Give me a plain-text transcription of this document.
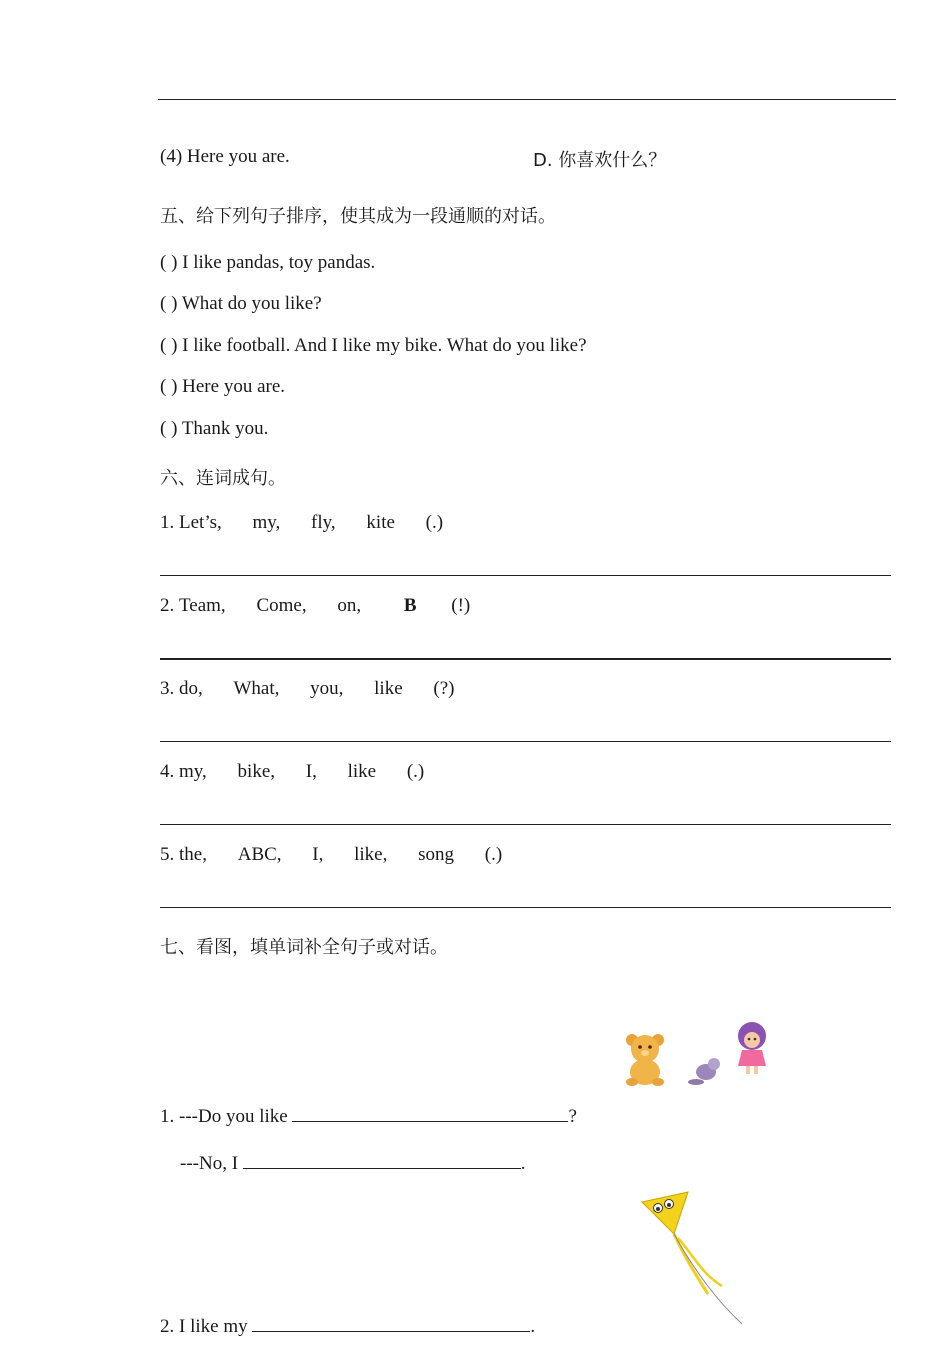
(4) Here you are.	D. 你喜欢什么？
五、给下列句子排序，使其成为一段通顺的对话。
( ) I like pandas, toy pandas.
( ) What do you like?
( ) I like football. And I like my bike. What do you like?
( ) Here you are.
( ) Thank you.
六、连词成句。
1. Let’s, my, fly, kite (.)
2. Team, Come, on, B (!)
3. do, What, you, like (?)
4. my, bike, I, like (.)
5. the, ABC, I, like, song (.)
七、看图，填单词补全句子或对话。
1. ---Do you like	?
---No, I	.
2. I like my	.
